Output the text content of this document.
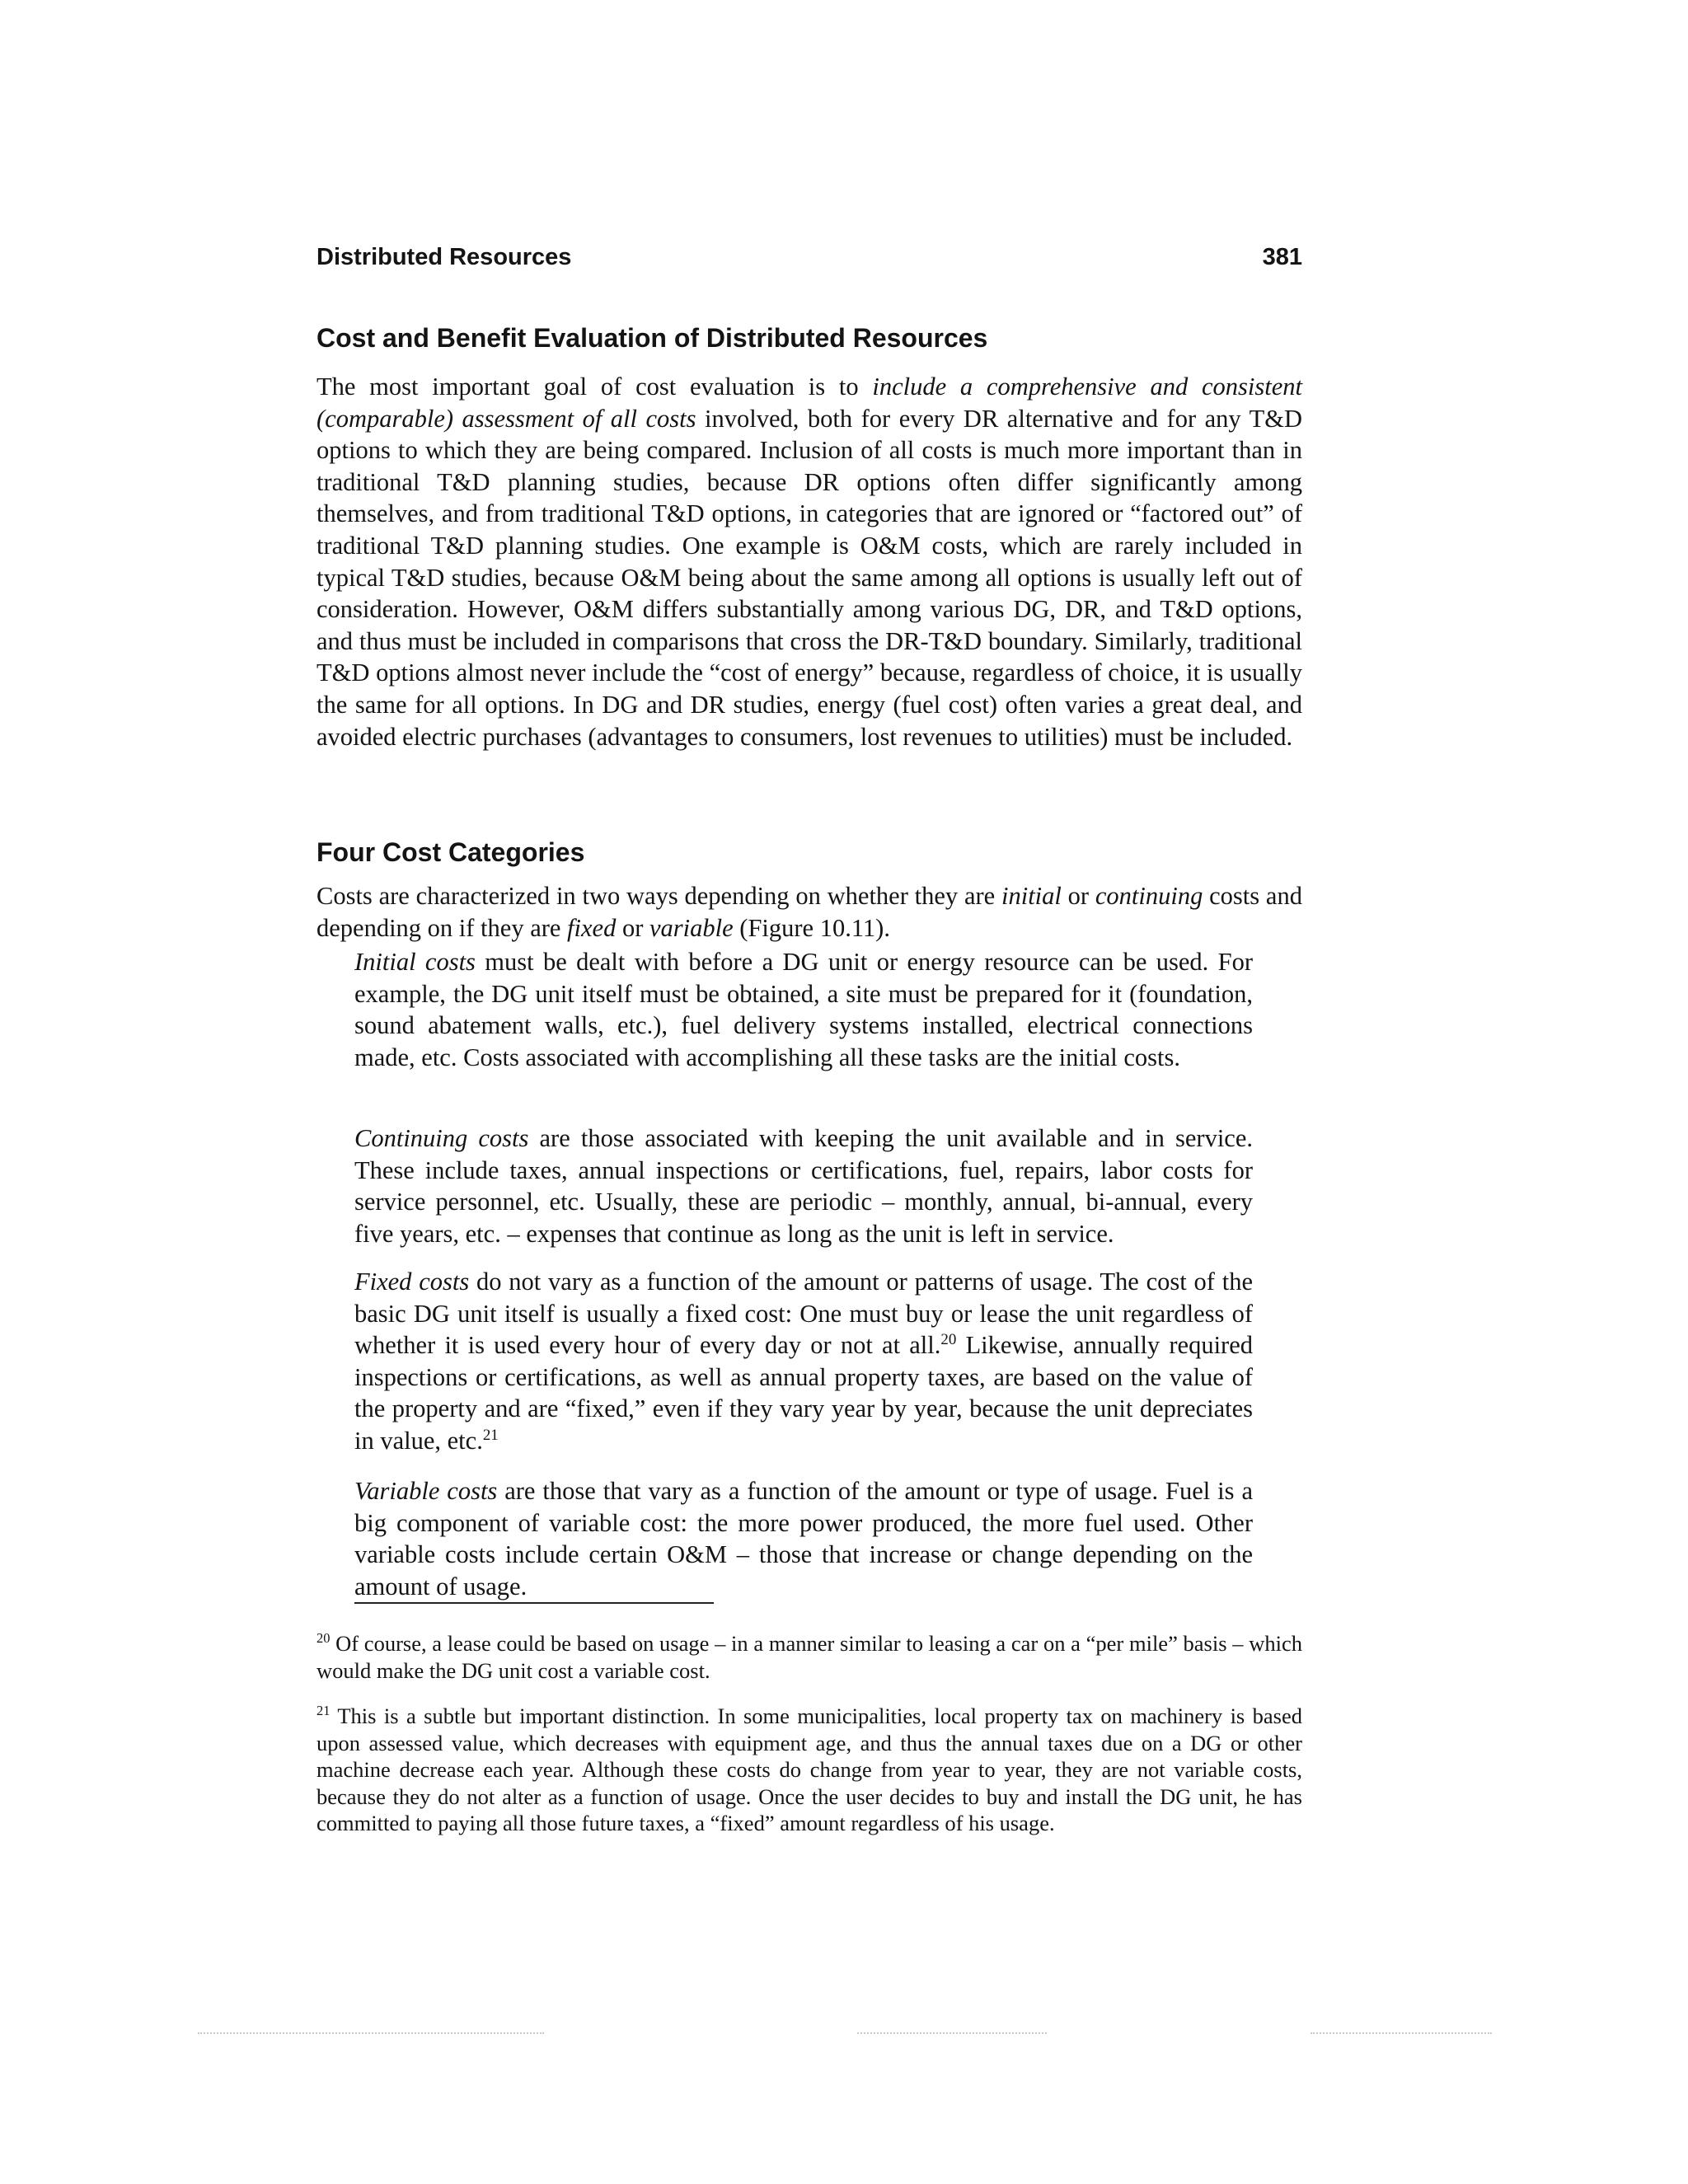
Distributed Resources	381
Cost and Benefit Evaluation of Distributed Resources

The most important goal of cost evaluation is to include a comprehensive and consistent (comparable) assessment of all costs involved, both for every DR alternative and for any T&D options to which they are being compared. Inclusion of all costs is much more important than in traditional T&D planning studies, because DR options often differ significantly among themselves, and from traditional T&D options, in categories that are ignored or “factored out” of traditional T&D planning studies. One example is O&M costs, which are rarely included in typical T&D studies, because O&M being about the same among all options is usually left out of consideration. However, O&M differs substantially among various DG, DR, and T&D options, and thus must be included in comparisons that cross the DR-T&D boundary. Similarly, traditional T&D options almost never include the “cost of energy” because, regardless of choice, it is usually the same for all options. In DG and DR studies, energy (fuel cost) often varies a great deal, and avoided electric purchases (advantages to consumers, lost revenues to utilities) must be included.

Four Cost Categories

Costs are characterized in two ways depending on whether they are initial or continuing costs and depending on if they are fixed or variable (Figure 10.11).

Initial costs must be dealt with before a DG unit or energy resource can be used. For example, the DG unit itself must be obtained, a site must be prepared for it (foundation, sound abatement walls, etc.), fuel delivery systems installed, electrical connections made, etc. Costs associated with accomplishing all these tasks are the initial costs.

Continuing costs are those associated with keeping the unit available and in service. These include taxes, annual inspections or certifications, fuel, repairs, labor costs for service personnel, etc. Usually, these are periodic – monthly, annual, bi-annual, every five years, etc. – expenses that continue as long as the unit is left in service.

Fixed costs do not vary as a function of the amount or patterns of usage. The cost of the basic DG unit itself is usually a fixed cost: One must buy or lease the unit regardless of whether it is used every hour of every day or not at all.$^{20}$ Likewise, annually required inspections or certifications, as well as annual property taxes, are based on the value of the property and are “fixed,” even if they vary year by year, because the unit depreciates in value, etc.$^{21}$

Variable costs are those that vary as a function of the amount or type of usage. Fuel is a big component of variable cost: the more power produced, the more fuel used. Other variable costs include certain O&M – those that increase or change depending on the amount of usage.

$^{20}$ Of course, a lease could be based on usage – in a manner similar to leasing a car on a “per mile” basis – which would make the DG unit cost a variable cost.

$^{21}$ This is a subtle but important distinction. In some municipalities, local property tax on machinery is based upon assessed value, which decreases with equipment age, and thus the annual taxes due on a DG or other machine decrease each year. Although these costs do change from year to year, they are not variable costs, because they do not alter as a function of usage. Once the user decides to buy and install the DG unit, he has committed to paying all those future taxes, a “fixed” amount regardless of his usage.
